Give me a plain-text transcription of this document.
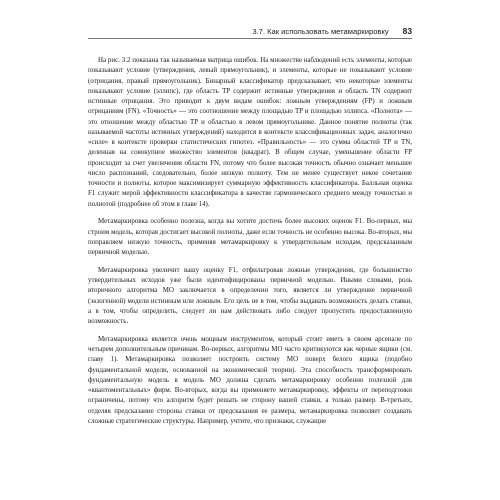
3.7. Как использовать метамаркировку 83

На рис. 3.2 показана так называемая матрица ошибок. На множестве наблюдений есть элементы, которые показывают условие (утверждения, левый прямоугольник), и элементы, которые не показывают условие (отрицания, правый прямоугольник). Бинарный классификатор предсказывает, что некоторые элементы показывают условие (эллипс), где область TP содержит истинные утверждения и область TN содержит истинные отрицания. Это приводит к двум видам ошибок: ложным утверждениям (FP) и ложным отрицаниям (FN). «Точность» — это соотношение между площадью TP и площадью эллипса. «Полнота» — это отношение между областью TP и областью в левом прямоугольнике. Данное понятие полноты (так называемой частоты истинных утверждений) находится в контексте классификационных задач, аналогично «силе» в контексте проверки статистических гипотез. «Правильность» — это сумма областей TP и TN, деленная на совокупное множество элементов (квадрат). В общем случае, уменьшение области FP происходит за счет увеличения области FN, потому что более высокая точность обычно означает меньшее число распознаний, следовательно, более низкую полноту. Тем не менее существует некое сочетание точности и полноты, которое максимизирует суммарную эффективность классификатора. Балльная оценка F1 служит мерой эффективности классификатора в качестве гармонического среднего между точностью и полнотой (подробнее об этом в главе 14).

Метамаркировка особенно полезна, когда вы хотите достичь более высоких оценок F1. Во-первых, мы строим модель, которая достигает высокой полноты, даже если точность не особенно высока. Во-вторых, мы поправляем низкую точность, применяя метамаркировку к утвердительным исходам, предсказанным первичной моделью.

Метамаркировка увеличит вашу оценку F1, отфильтровав ложные утверждения, где большинство утвердительных исходов уже были идентифицированы первичной моделью. Иными словами, роль вторичного алгоритма МО заключается в определении того, является ли утверждение первичной (экзогенной) модели истинным или ложным. Его цель не в том, чтобы выдавать возможность делать ставки, а в том, чтобы определить, следует ли нам действовать либо следует пропустить предоставленную возможность.

Метамаркировка является очень мощным инструментом, который стоит иметь в своем арсенале по четырем дополнительным причинам. Во-первых, алгоритмы МО часто критикуются как черные ящики (см. главу 1). Метамаркировка позволяет построить систему МО поверх белого ящика (подобно фундаментальной модели, основанной на экономической теории). Эта способность трансформировать фундаментальную модель в модель МО должна сделать метамаркировку особенно полезной для «квантоментальных» фирм. Во-вторых, когда вы применяете метамаркировку, эффекты от переподгонки ограничены, потому что алгоритм будет решать не сторону вашей ставки, а только размер. В-третьих, отделяя предсказание стороны ставки от предсказания ее размера, метамаркировка позволяет создавать сложные стратегические структуры. Например, учтите, что признаки, служащие
